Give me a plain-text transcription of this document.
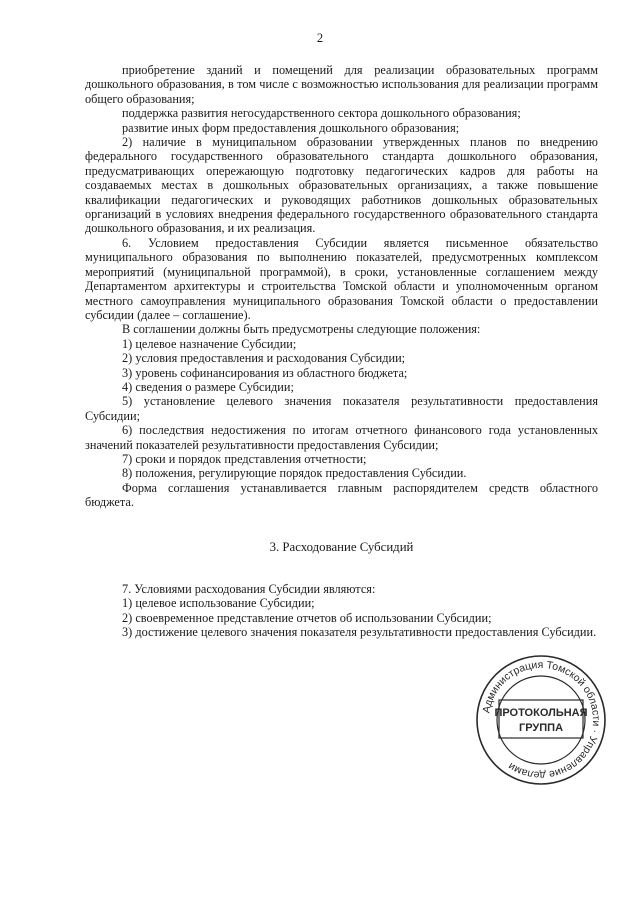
2

приобретение зданий и помещений для реализации образовательных программ дошкольного образования, в том числе с возможностью использования для реализации программ общего образования;

поддержка развития негосударственного сектора дошкольного образования;

развитие иных форм предоставления дошкольного образования;

2) наличие в муниципальном образовании утвержденных планов по внедрению федерального государственного образовательного стандарта дошкольного образования, предусматривающих опережающую подготовку педагогических кадров для работы на создаваемых местах в дошкольных образовательных организациях, а также повышение квалификации педагогических и руководящих работников дошкольных образовательных организаций в условиях внедрения федерального государственного образовательного стандарта дошкольного образования, и их реализация.

6. Условием предоставления Субсидии является письменное обязательство муниципального образования по выполнению показателей, предусмотренных комплексом мероприятий (муниципальной программой), в сроки, установленные соглашением между Департаментом архитектуры и строительства Томской области и уполномоченным органом местного самоуправления муниципального образования Томской области о предоставлении субсидии (далее – соглашение).

В соглашении должны быть предусмотрены следующие положения:

1) целевое назначение Субсидии;

2) условия предоставления и расходования Субсидии;

3) уровень софинансирования из областного бюджета;

4) сведения о размере Субсидии;

5) установление целевого значения показателя результативности предоставления Субсидии;

6) последствия недостижения по итогам отчетного финансового года установленных значений показателей результативности предоставления Субсидии;

7) сроки и порядок представления отчетности;

8) положения, регулирующие порядок предоставления Субсидии.

Форма соглашения устанавливается главным распорядителем средств областного бюджета.

3. Расходование Субсидий

7. Условиями расходования Субсидии являются:

1) целевое использование Субсидии;

2) своевременное представление отчетов об использовании Субсидии;

3) достижение целевого значения показателя результативности предоставления Субсидии.

Администрация Томской области · Управление делами
ПРОТОКОЛЬНАЯ
ГРУППА
